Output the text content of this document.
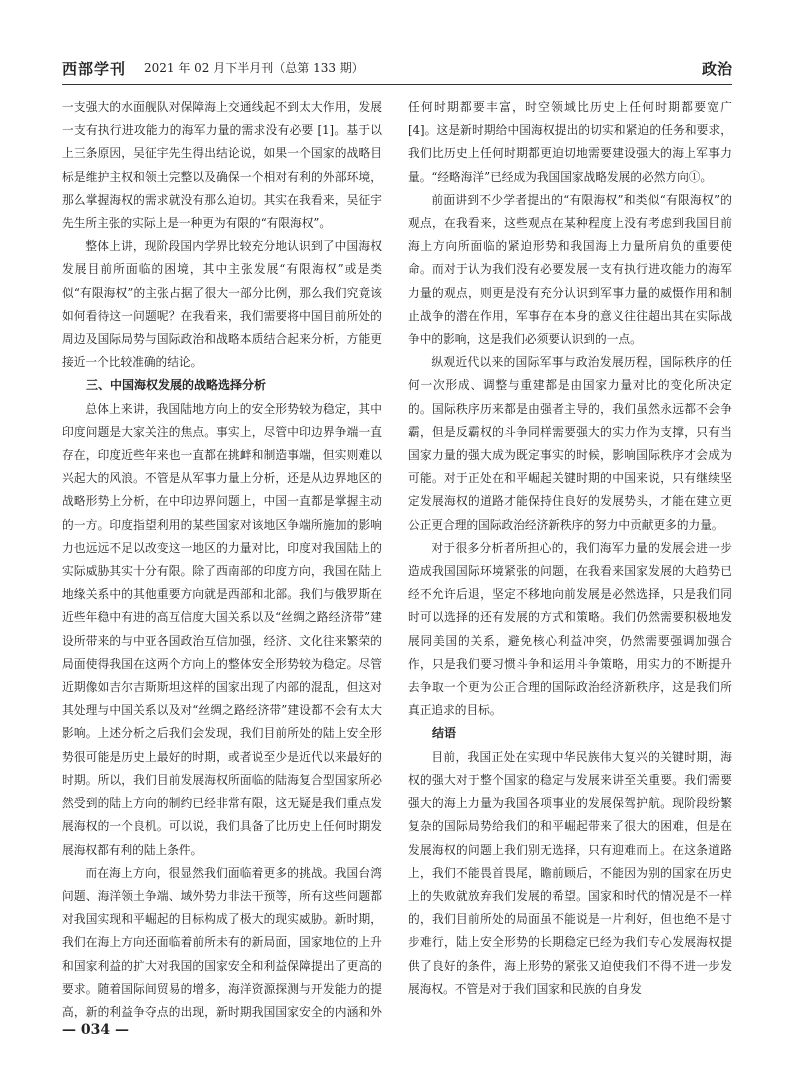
西部学刊 2021 年 02 月下半月刊（总第 133 期）	政治

一支强大的水面舰队对保障海上交通线起不到太大作用，发展一支有执行进攻能力的海军力量的需求没有必要 [1]。基于以上三条原因，吴征宇先生得出结论说，如果一个国家的战略目标是维护主权和领土完整以及确保一个相对有利的外部环境，那么掌握海权的需求就没有那么迫切。其实在我看来，吴征宇先生所主张的实际上是一种更为有限的“有限海权”。

整体上讲，现阶段国内学界比较充分地认识到了中国海权发展目前所面临的困境，其中主张发展“有限海权”或是类似“有限海权”的主张占据了很大一部分比例，那么我们究竟该如何看待这一问题呢？在我看来，我们需要将中国目前所处的周边及国际局势与国际政治和战略本质结合起来分析，方能更接近一个比较准确的结论。

三、中国海权发展的战略选择分析

总体上来讲，我国陆地方向上的安全形势较为稳定，其中印度问题是大家关注的焦点。事实上，尽管中印边界争端一直存在，印度近些年来也一直都在挑衅和制造事端，但实则难以兴起大的风浪。不管是从军事力量上分析，还是从边界地区的战略形势上分析，在中印边界问题上，中国一直都是掌握主动的一方。印度指望利用的某些国家对该地区争端所施加的影响力也远远不足以改变这一地区的力量对比，印度对我国陆上的实际威胁其实十分有限。除了西南部的印度方向，我国在陆上地缘关系中的其他重要方向就是西部和北部。我们与俄罗斯在近些年稳中有进的高互信度大国关系以及“丝绸之路经济带”建设所带来的与中亚各国政治互信加强，经济、文化往来繁荣的局面使得我国在这两个方向上的整体安全形势较为稳定。尽管近期像如吉尔吉斯斯坦这样的国家出现了内部的混乱，但这对其处理与中国关系以及对“丝绸之路经济带”建设都不会有太大影响。上述分析之后我们会发现，我们目前所处的陆上安全形势很可能是历史上最好的时期，或者说至少是近代以来最好的时期。所以，我们目前发展海权所面临的陆海复合型国家所必然受到的陆上方向的制约已经非常有限，这无疑是我们重点发展海权的一个良机。可以说，我们具备了比历史上任何时期发展海权都有利的陆上条件。

而在海上方向，很显然我们面临着更多的挑战。我国台湾问题、海洋领土争端、域外势力非法干预等，所有这些问题都对我国实现和平崛起的目标构成了极大的现实威胁。新时期，我们在海上方向还面临着前所未有的新局面，国家地位的上升和国家利益的扩大对我国的国家安全和利益保障提出了更高的要求。随着国际间贸易的增多，海洋资源探测与开发能力的提高，新的利益争夺点的出现，新时期我国国家安全的内涵和外

任何时期都要丰富，时空领域比历史上任何时期都要宽广 [4]。这是新时期给中国海权提出的切实和紧迫的任务和要求，我们比历史上任何时期都更迫切地需要建设强大的海上军事力量。“经略海洋”已经成为我国国家战略发展的必然方向①。

前面讲到不少学者提出的“有限海权”和类似“有限海权”的观点，在我看来，这些观点在某种程度上没有考虑到我国目前海上方向所面临的紧迫形势和我国海上力量所肩负的重要使命。而对于认为我们没有必要发展一支有执行进攻能力的海军力量的观点，则更是没有充分认识到军事力量的威慑作用和制止战争的潜在作用，军事存在本身的意义往往超出其在实际战争中的影响，这是我们必须要认识到的一点。

纵观近代以来的国际军事与政治发展历程，国际秩序的任何一次形成、调整与重建都是由国家力量对比的变化所决定的。国际秩序历来都是由强者主导的，我们虽然永远都不会争霸，但是反霸权的斗争同样需要强大的实力作为支撑，只有当国家力量的强大成为既定事实的时候，影响国际秩序才会成为可能。对于正处在和平崛起关键时期的中国来说，只有继续坚定发展海权的道路才能保持住良好的发展势头，才能在建立更公正更合理的国际政治经济新秩序的努力中贡献更多的力量。

对于很多分析者所担心的，我们海军力量的发展会进一步造成我国国际环境紧张的问题，在我看来国家发展的大趋势已经不允许后退，坚定不移地向前发展是必然选择，只是我们同时可以选择的还有发展的方式和策略。我们仍然需要积极地发展同美国的关系，避免核心利益冲突，仍然需要强调加强合作，只是我们要习惯斗争和运用斗争策略，用实力的不断提升去争取一个更为公正合理的国际政治经济新秩序，这是我们所真正追求的目标。

结语

目前，我国正处在实现中华民族伟大复兴的关键时期，海权的强大对于整个国家的稳定与发展来讲至关重要。我们需要强大的海上力量为我国各项事业的发展保驾护航。现阶段纷繁复杂的国际局势给我们的和平崛起带来了很大的困难，但是在发展海权的问题上我们别无选择，只有迎难而上。在这条道路上，我们不能畏首畏尾，瞻前顾后，不能因为别的国家在历史上的失败就放弃我们发展的希望。国家和时代的情况是不一样的，我们目前所处的局面虽不能说是一片利好，但也绝不是寸步难行，陆上安全形势的长期稳定已经为我们专心发展海权提供了良好的条件，海上形势的紧张又迫使我们不得不进一步发展海权。不管是对于我们国家和民族的自身发

— 034 —
